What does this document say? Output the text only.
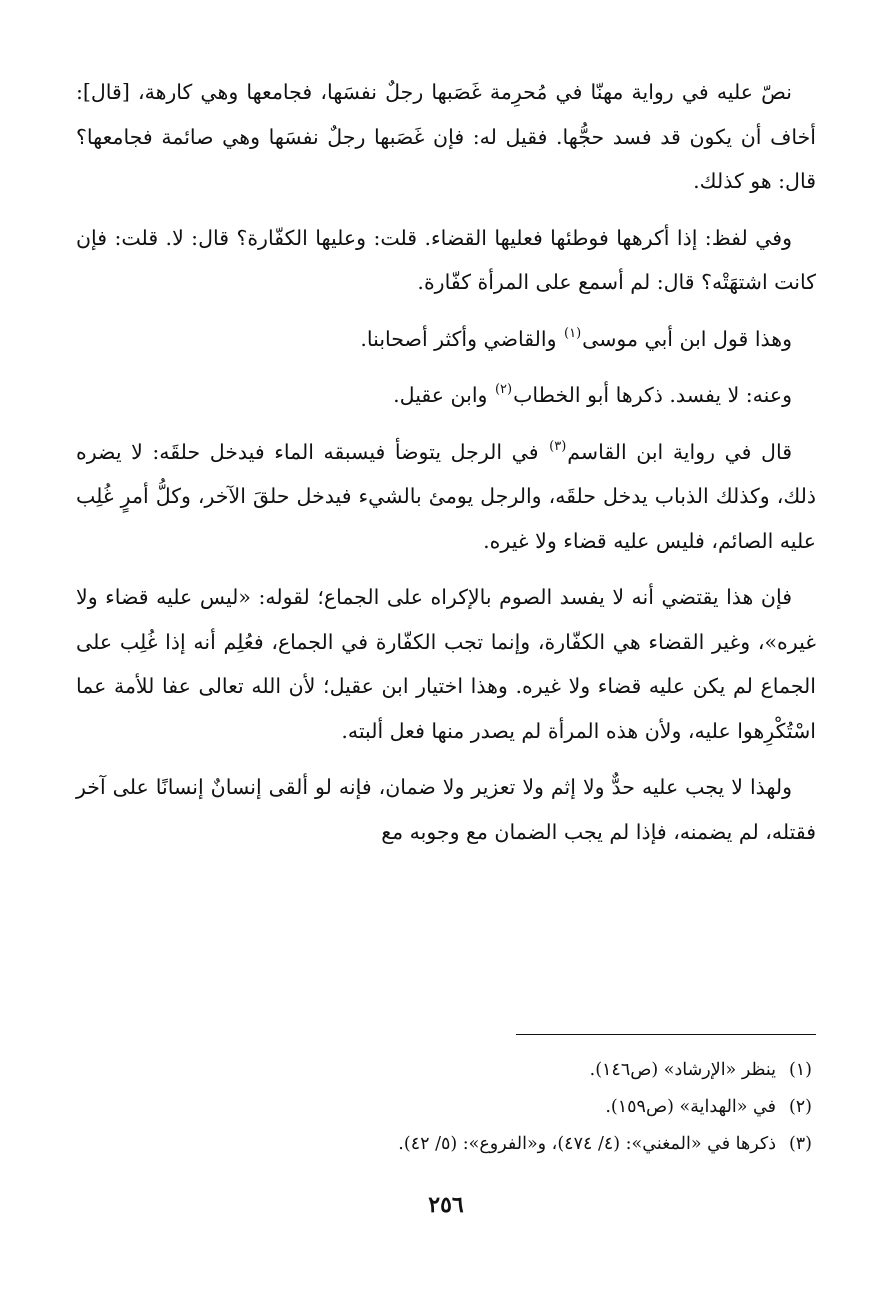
نصّ عليه في رواية مهنّا في مُحرِمة غَصَبها رجلٌ نفسَها، فجامعها وهي كارهة، [قال]: أخاف أن يكون قد فسد حجُّها. فقيل له: فإن غَصَبها رجلٌ نفسَها وهي صائمة فجامعها؟ قال: هو كذلك.

وفي لفظ: إذا أكرهها فوطئها فعليها القضاء. قلت: وعليها الكفّارة؟ قال: لا. قلت: فإن كانت اشتهَتْه؟ قال: لم أسمع على المرأة كفّارة.

وهذا قول ابن أبي موسى$^{(١)}$ والقاضي وأكثر أصحابنا.

وعنه: لا يفسد. ذكرها أبو الخطاب$^{(٢)}$ وابن عقيل.

قال في رواية ابن القاسم$^{(٣)}$ في الرجل يتوضأ فيسبقه الماء فيدخل حلقَه: لا يضره ذلك، وكذلك الذباب يدخل حلقَه، والرجل يومئ بالشيء فيدخل حلقَ الآخر، وكلُّ أمرٍ غُلِب عليه الصائم، فليس عليه قضاء ولا غيره.

فإن هذا يقتضي أنه لا يفسد الصوم بالإكراه على الجماع؛ لقوله: «ليس عليه قضاء ولا غيره»، وغير القضاء هي الكفّارة، وإنما تجب الكفّارة في الجماع، فعُلِم أنه إذا غُلِب على الجماع لم يكن عليه قضاء ولا غيره. وهذا اختيار ابن عقيل؛ لأن الله تعالى عفا للأمة عما اسْتُكْرِهوا عليه، ولأن هذه المرأة لم يصدر منها فعل ألبته.

ولهذا لا يجب عليه حدٌّ ولا إثم ولا تعزير ولا ضمان، فإنه لو ألقى إنسانٌ إنسانًا على آخر فقتله، لم يضمنه، فإذا لم يجب الضمان مع وجوبه مع

(١)ينظر «الإرشاد» (ص١٤٦).
(٢)في «الهداية» (ص١٥٩).
(٣)ذكرها في «المغني»: (٤/ ٤٧٤)، و«الفروع»: (٥/ ٤٢).
٢٥٦
